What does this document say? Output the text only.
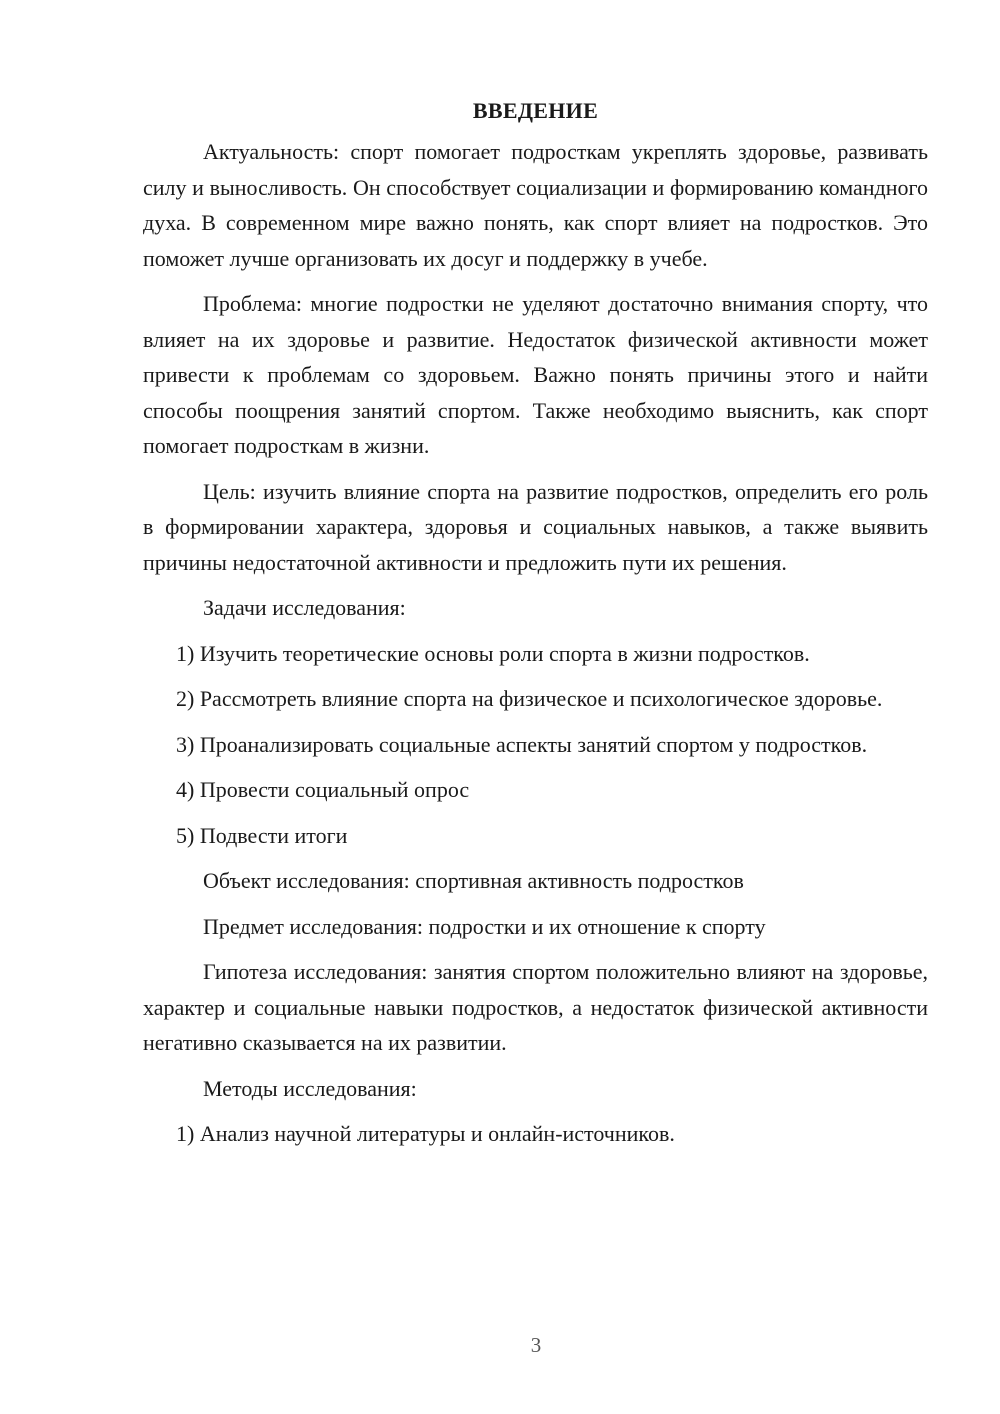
ВВЕДЕНИЕ

Актуальность: спорт помогает подросткам укреплять здоровье, развивать силу и выносливость. Он способствует социализации и формированию командного духа. В современном мире важно понять, как спорт влияет на подростков. Это поможет лучше организовать их досуг и поддержку в учебе.

Проблема: многие подростки не уделяют достаточно внимания спорту, что влияет на их здоровье и развитие. Недостаток физической активности может привести к проблемам со здоровьем. Важно понять причины этого и найти способы поощрения занятий спортом. Также необходимо выяснить, как спорт помогает подросткам в жизни.

Цель: изучить влияние спорта на развитие подростков, определить его роль в формировании характера, здоровья и социальных навыков, а также выявить причины недостаточной активности и предложить пути их решения.

Задачи исследования:

1) Изучить теоретические основы роли спорта в жизни подростков.

2) Рассмотреть влияние спорта на физическое и психологическое здоровье.

3) Проанализировать социальные аспекты занятий спортом у подростков.

4) Провести социальный опрос

5) Подвести итоги

Объект исследования: спортивная активность подростков

Предмет исследования: подростки и их отношение к спорту

Гипотеза исследования: занятия спортом положительно влияют на здоровье, характер и социальные навыки подростков, а недостаток физической активности негативно сказывается на их развитии.

Методы исследования:

1) Анализ научной литературы и онлайн-источников.

3
